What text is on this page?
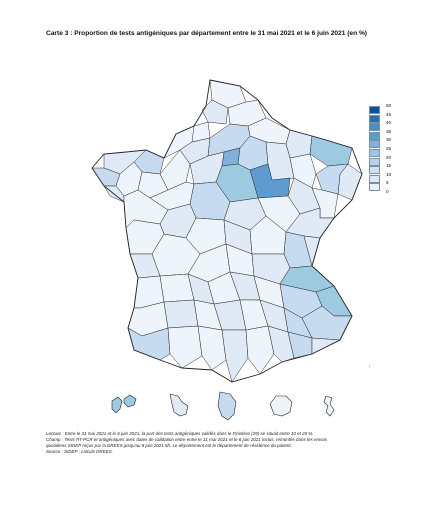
Carte 3 : Proportion de tests antigéniques par département entre le 31 mai 2021 et le 6 juin 2021 (en %)
50
45
40
35
30
25
20
15
10
5
0
Lecture : Entre le 31 mai 2021 et le 6 juin 2021, la part des tests antigéniques validés dans le Finistère (29) se situait entre 10 et 20 %.
Champ : Tests RT-PCR et antigéniques avec dates de validation entre entre le 31 mai 2021 et le 6 juin 2021 inclus, remontés dans les envois
quotidiens SIDEP reçus par la DREES jusqu'au 8 juin 2021 5h. Le département est le département de résidence du patient.
Source : SIDEP ; calculs DREES.
